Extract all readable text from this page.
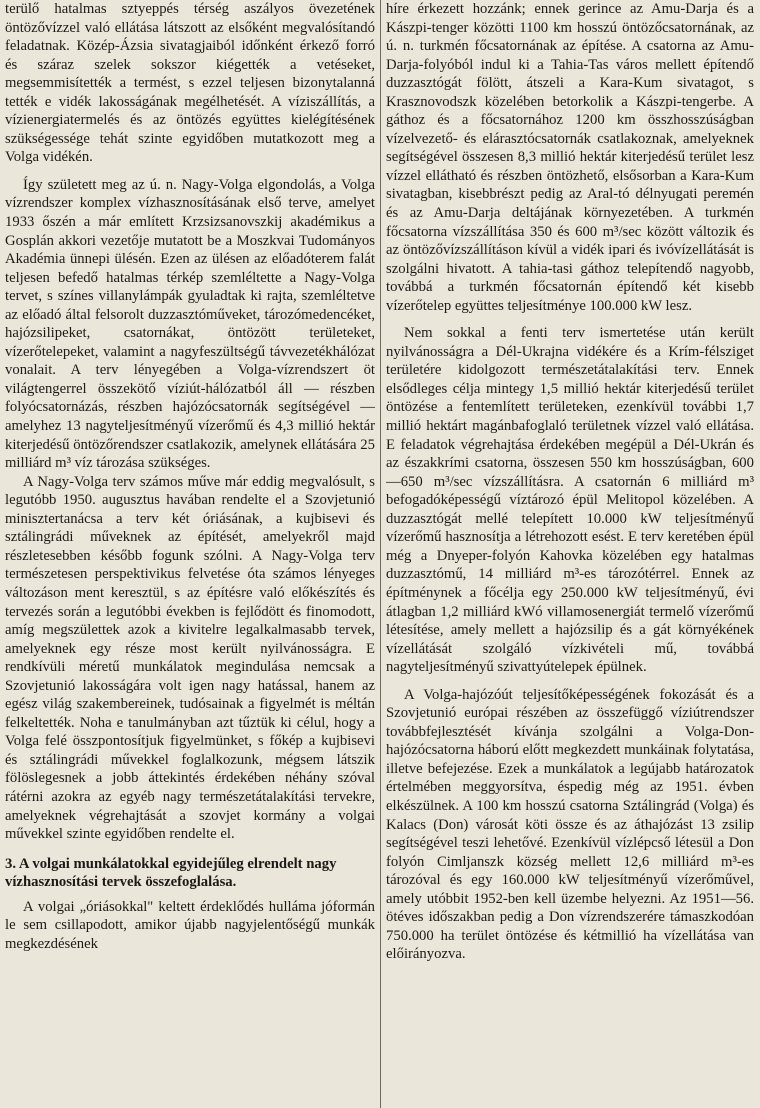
terülő hatalmas sztyeppés térség aszályos övezetének öntözővízzel való ellátása látszott az elsőként megvalósítandó feladatnak. Közép-Ázsia sivatagjaiból időnként érkező forró és száraz szelek sokszor kiégették a vetéseket, megsemmisítették a termést, s ezzel teljesen bizonytalanná tették e vidék lakosságának megélhetését. A víziszállítás, a vízienergiatermelés és az öntözés együttes kielégítésének szükségessége tehát szinte egyidőben mutatkozott meg a Volga vidékén.

Így született meg az ú. n. Nagy-Volga elgondolás, a Volga vízrendszer komplex vízhasznosításának első terve, amelyet 1933 őszén a már említett Krzsizsanovszkij akadémikus a Gosplán akkori vezetője mutatott be a Moszkvai Tudományos Akadémia ünnepi ülésén. Ezen az ülésen az előadóterem falát teljesen befedő hatalmas térkép szemléltette a Nagy-Volga tervet, s színes villanylámpák gyuladtak ki rajta, szemléltetve az előadó által felsorolt duzzasztóműveket, tározómedencéket, hajózsilipeket, csatornákat, öntözött területeket, vízerőtelepeket, valamint a nagyfeszültségű távvezetékhálózat vonalait. A terv lényegében a Volga-vízrendszert öt világtengerrel összekötő víziút-hálózatból áll — részben folyócsatornázás, részben hajózócsatornák segítségével — amelyhez 13 nagyteljesítményű vízerőmű és 4,3 millió hektár kiterjedésű öntözőrendszer csatlakozik, amelynek ellátására 25 milliárd m³ víz tározása szükséges.

A Nagy-Volga terv számos műve már eddig megvalósult, s legutóbb 1950. augusztus havában rendelte el a Szovjetunió minisztertanácsa a terv két óriásának, a kujbisevi és sztálingrádi műveknek az építését, amelyekről majd részletesebben később fogunk szólni. A Nagy-Volga terv természetesen perspektivikus felvetése óta számos lényeges változáson ment keresztül, s az építésre való előkészítés és tervezés során a legutóbbi években is fejlődött és finomodott, amíg megszülettek azok a kivitelre legalkalmasabb tervek, amelyeknek egy része most került nyilvánosságra. E rendkívüli méretű munkálatok megindulása nemcsak a Szovjetunió lakosságára volt igen nagy hatással, hanem az egész világ szakembereinek, tudósainak a figyelmét is méltán felkeltették. Noha e tanulmányban azt tűztük ki célul, hogy a Volga felé összpontosítjuk figyelmünket, s főkép a kujbisevi és sztálingrádi művekkel foglalkozunk, mégsem látszik fölöslegesnek a jobb áttekintés érdekében néhány szóval rátérni azokra az egyéb nagy természetátalakítási tervekre, amelyeknek végrehajtását a szovjet kormány a volgai művekkel szinte egyidőben rendelte el.

3. A volgai munkálatokkal egyidejűleg elrendelt nagy vízhasznosítási tervek összefoglalása.

A volgai „óriásokkal" keltett érdeklődés hulláma jóformán le sem csillapodott, amikor újabb nagyjelentőségű munkák megkezdésének

híre érkezett hozzánk; ennek gerince az Amu-Darja és a Kászpi-tenger közötti 1100 km hosszú öntözőcsatornának, az ú. n. turkmén főcsatornának az építése. A csatorna az Amu-Darja-folyóból indul ki a Tahia-Tas város mellett építendő duzzasztógát fölött, átszeli a Kara-Kum sivatagot, s Krasznovodszk közelében betorkolik a Kászpi-tengerbe. A gáthoz és a főcsatornához 1200 km összhosszúságban vízelvezető- és elárasztócsatornák csatlakoznak, amelyeknek segítségével összesen 8,3 millió hektár kiterjedésű terület lesz vízzel ellátható és részben öntözhető, elsősorban a Kara-Kum sivatagban, kisebbrészt pedig az Aral-tó délnyugati peremén és az Amu-Darja deltájának környezetében. A turkmén főcsatorna vízszállítása 350 és 600 m³/sec között változik és az öntözővízszállításon kívül a vidék ipari és ivóvízellátását is szolgálni hivatott. A tahia-tasi gáthoz telepítendő nagyobb, továbbá a turkmén főcsatornán építendő két kisebb vízerőtelep együttes teljesítménye 100.000 kW lesz.

Nem sokkal a fenti terv ismertetése után került nyilvánosságra a Dél-Ukrajna vidékére és a Krím-félsziget területére kidolgozott természetátalakítási terv. Ennek elsődleges célja mintegy 1,5 millió hektár kiterjedésű terület öntözése a fentemlített területeken, ezenkívül további 1,7 millió hektárt magánbafoglaló területnek vízzel való ellátása. E feladatok végrehajtása érdekében megépül a Dél-Ukrán és az északkrími csatorna, összesen 550 km hosszúságban, 600—650 m³/sec vízszállításra. A csatornán 6 milliárd m³ befogadóképességű víztározó épül Melitopol közelében. A duzzasztógát mellé telepített 10.000 kW teljesítményű vízerőmű hasznosítja a létrehozott esést. E terv keretében épül még a Dnyeper-folyón Kahovka közelében egy hatalmas duzzasztómű, 14 milliárd m³-es tározótérrel. Ennek az építménynek a főcélja egy 250.000 kW teljesítményű, évi átlagban 1,2 milliárd kWó villamosenergiát termelő vízerőmű létesítése, amely mellett a hajózsilip és a gát környékének vízellátását szolgáló vízkivételi mű, továbbá nagyteljesítményű szivattyútelepek épülnek.

A Volga-hajózóút teljesítőképességének fokozását és a Szovjetunió európai részében az összefüggő víziútrendszer továbbfejlesztését kívánja szolgálni a Volga-Don-hajózócsatorna háború előtt megkezdett munkáinak folytatása, illetve befejezése. Ezek a munkálatok a legújabb határozatok értelmében meggyorsítva, éspedig még az 1951. évben elkészülnek. A 100 km hosszú csatorna Sztálingrád (Volga) és Kalacs (Don) városát köti össze és az áthajózást 13 zsilip segítségével teszi lehetővé. Ezenkívül vízlépcső létesül a Don folyón Cimljanszk község mellett 12,6 milliárd m³-es tározóval és egy 160.000 kW teljesítményű vízerőművel, amely utóbbit 1952-ben kell üzembe helyezni. Az 1951—56. ötéves időszakban pedig a Don vízrendszerére támaszkodóan 750.000 ha terület öntözése és kétmillió ha vízellátása van előirányozva.
